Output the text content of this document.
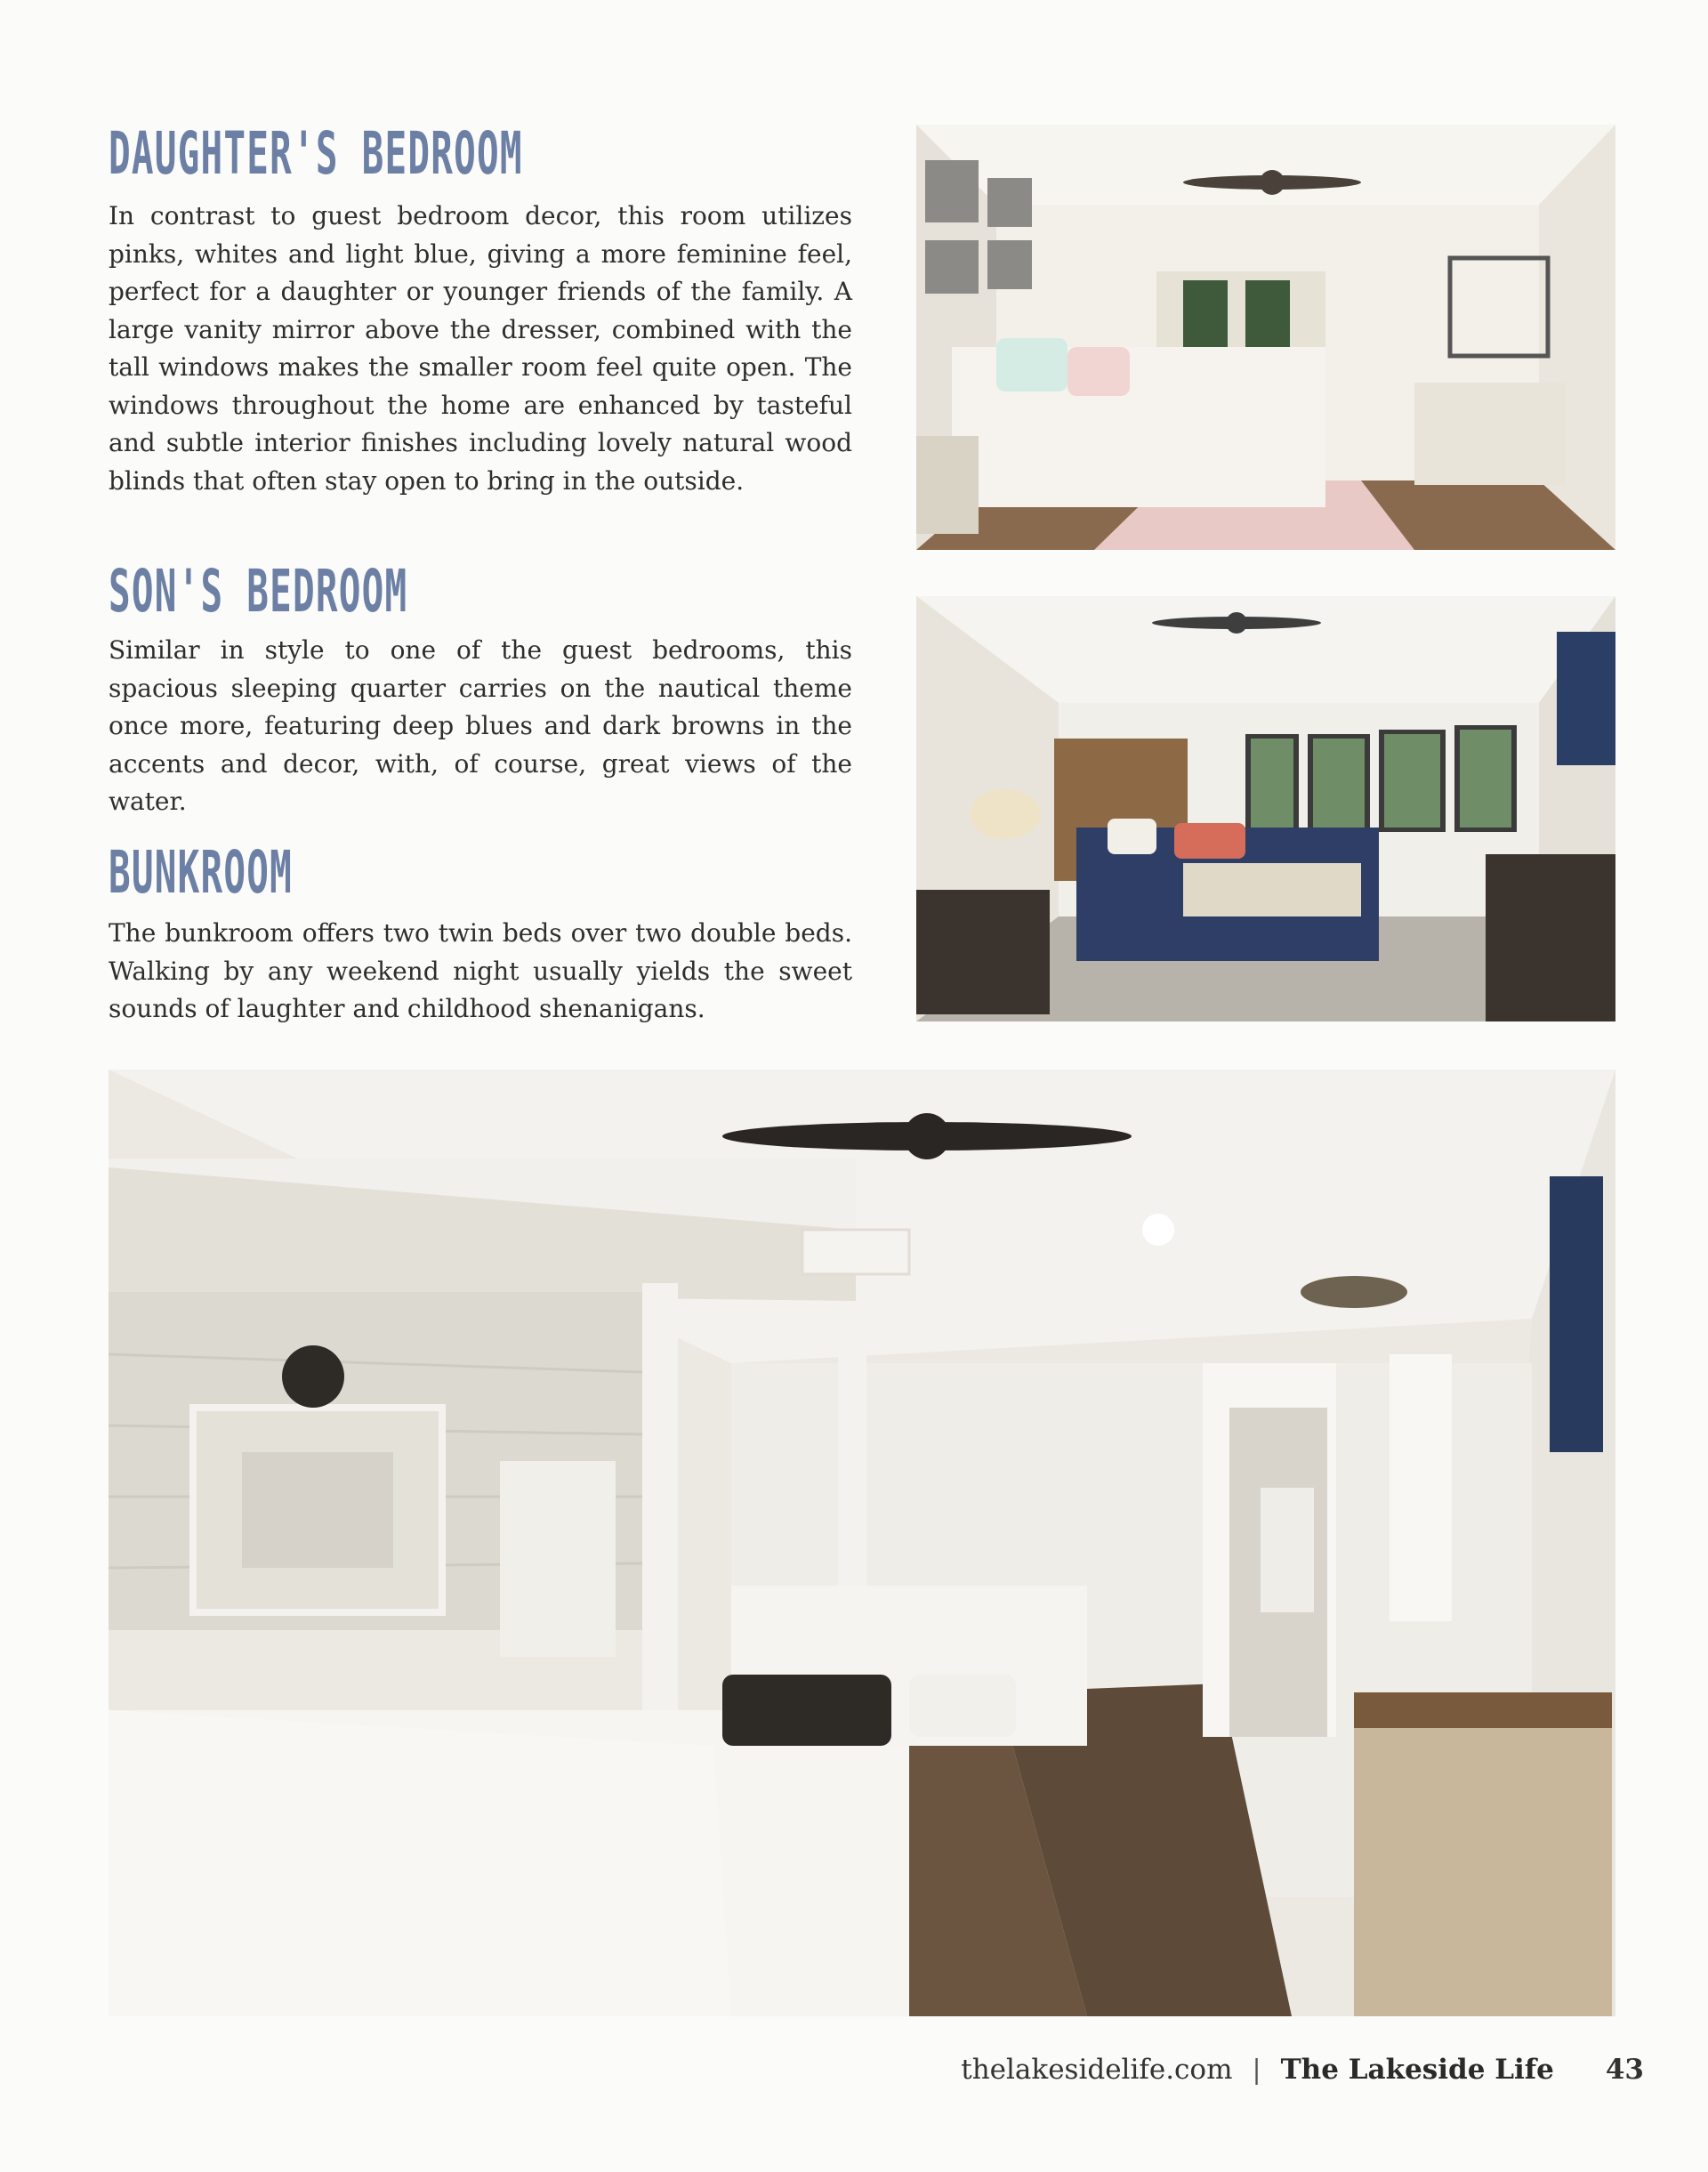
DAUGHTER'S BEDROOM
In contrast to guest bedroom decor, this room utilizes pinks, whites and light blue, giving a more feminine feel, perfect for a daughter or younger friends of the family. A large vanity mirror above the dresser, combined with the tall windows makes the smaller room feel quite open. The windows throughout the home are enhanced by tasteful and subtle interior finishes including lovely natural wood blinds that often stay open to bring in the outside.
SON'S BEDROOM
Similar in style to one of the guest bedrooms, this spacious sleeping quarter carries on the nautical theme once more, featuring deep blues and dark browns in the accents and decor, with, of course, great views of the water.
BUNKROOM
The bunkroom offers two twin beds over two double beds. Walking by any weekend night usually yields the sweet sounds of laughter and childhood shenanigans.
thelakesidelife.com | The Lakeside Life 43
